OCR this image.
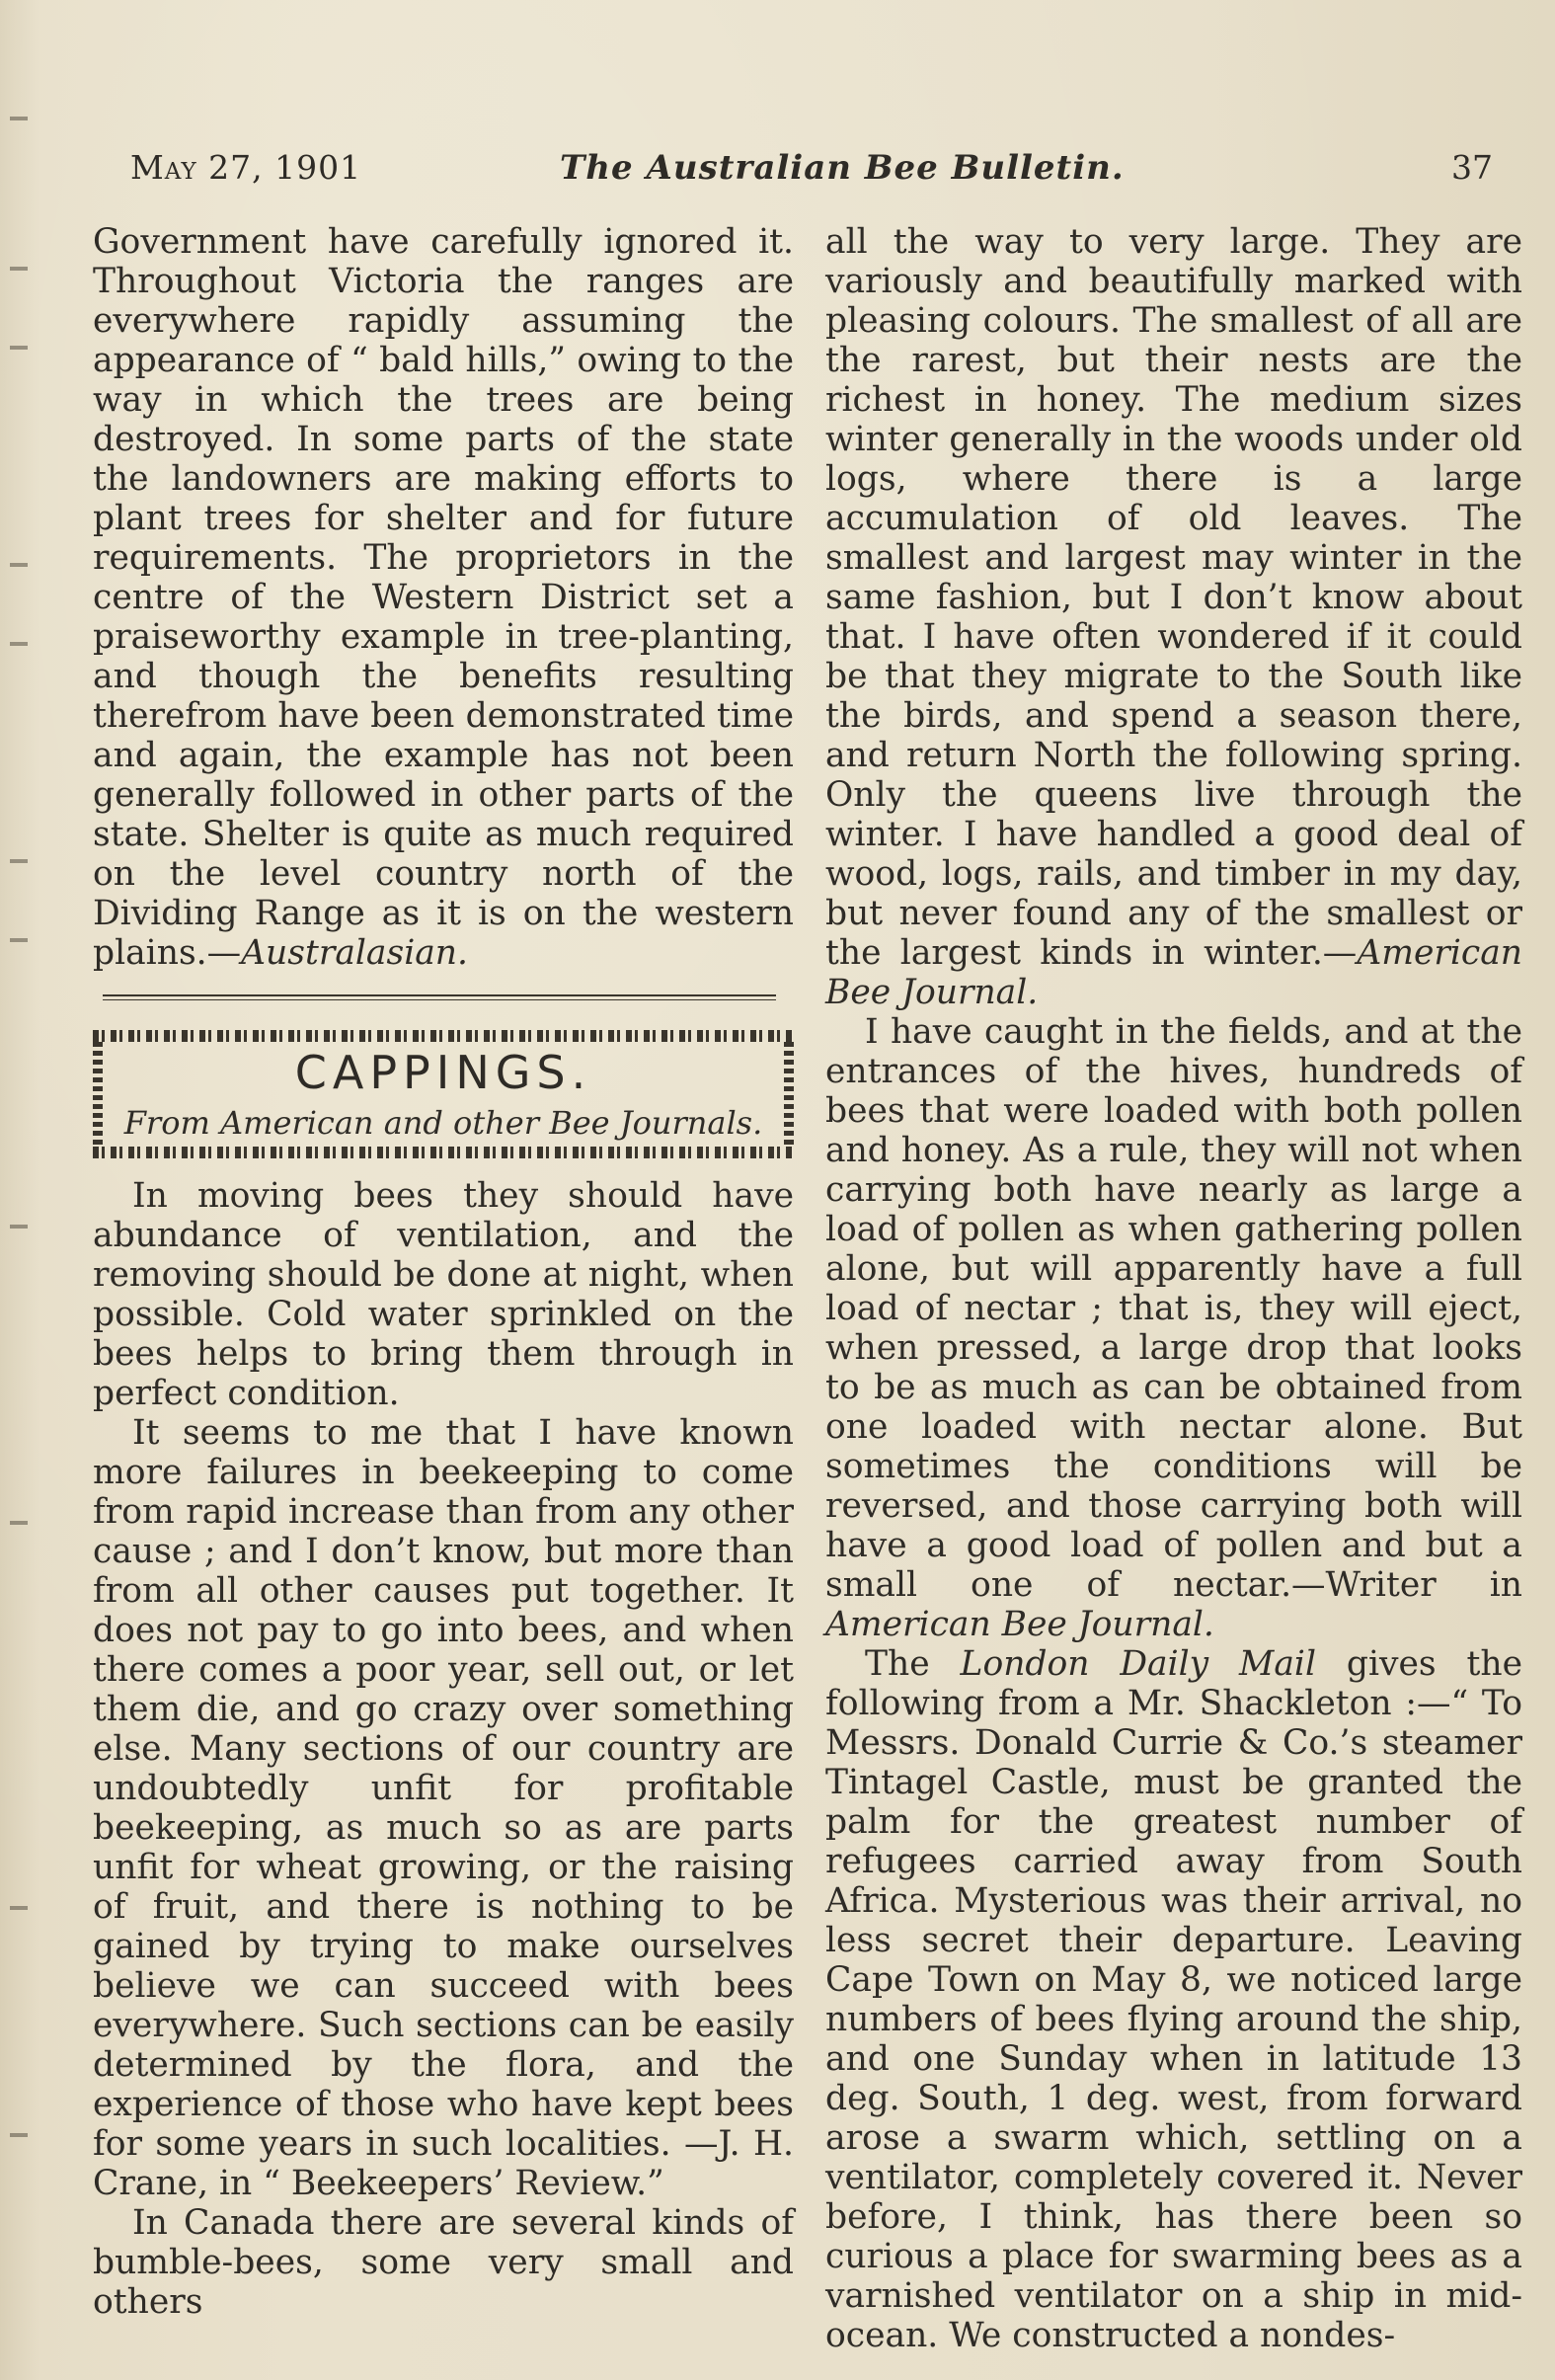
May 27, 1901	The Australian Bee Bulletin.	37

Government have carefully ignored it. Throughout Victoria the ranges are everywhere rapidly assuming the appearance of “ bald hills,” owing to the way in which the trees are being destroyed. In some parts of the state the landowners are making efforts to plant trees for shelter and for future requirements. The proprietors in the centre of the Western District set a praiseworthy example in tree-planting, and though the benefits resulting therefrom have been demonstrated time and again, the example has not been generally followed in other parts of the state. Shelter is quite as much required on the level country north of the Dividing Range as it is on the western plains.—Australasian.

CAPPINGS.
From American and other Bee Journals.

In moving bees they should have abundance of ventilation, and the removing should be done at night, when possible. Cold water sprinkled on the bees helps to bring them through in perfect condition.

It seems to me that I have known more failures in beekeeping to come from rapid increase than from any other cause ; and I don’t know, but more than from all other causes put together. It does not pay to go into bees, and when there comes a poor year, sell out, or let them die, and go crazy over something else. Many sections of our country are undoubtedly unfit for profitable beekeeping, as much so as are parts unfit for wheat growing, or the raising of fruit, and there is nothing to be gained by trying to make ourselves believe we can succeed with bees everywhere. Such sections can be easily determined by the flora, and the experience of those who have kept bees for some years in such localities. —J. H. Crane, in “ Beekeepers’ Review.”

In Canada there are several kinds of bumble-bees, some very small and others

all the way to very large. They are variously and beautifully marked with pleasing colours. The smallest of all are the rarest, but their nests are the richest in honey. The medium sizes winter generally in the woods under old logs, where there is a large accumulation of old leaves. The smallest and largest may winter in the same fashion, but I don’t know about that. I have often wondered if it could be that they migrate to the South like the birds, and spend a season there, and return North the following spring. Only the queens live through the winter. I have handled a good deal of wood, logs, rails, and timber in my day, but never found any of the smallest or the largest kinds in winter.—American Bee Journal.

I have caught in the fields, and at the entrances of the hives, hundreds of bees that were loaded with both pollen and honey. As a rule, they will not when carrying both have nearly as large a load of pollen as when gathering pollen alone, but will apparently have a full load of nectar ; that is, they will eject, when pressed, a large drop that looks to be as much as can be obtained from one loaded with nectar alone. But sometimes the conditions will be reversed, and those carrying both will have a good load of pollen and but a small one of nectar.—Writer in American Bee Journal.

The London Daily Mail gives the following from a Mr. Shackleton :—“ To Messrs. Donald Currie & Co.’s steamer Tintagel Castle, must be granted the palm for the greatest number of refugees carried away from South Africa. Mysterious was their arrival, no less secret their departure. Leaving Cape Town on May 8, we noticed large numbers of bees flying around the ship, and one Sunday when in latitude 13 deg. South, 1 deg. west, from forward arose a swarm which, settling on a ventilator, completely covered it. Never before, I think, has there been so curious a place for swarming bees as a varnished ventilator on a ship in mid-ocean. We constructed a nondes-
